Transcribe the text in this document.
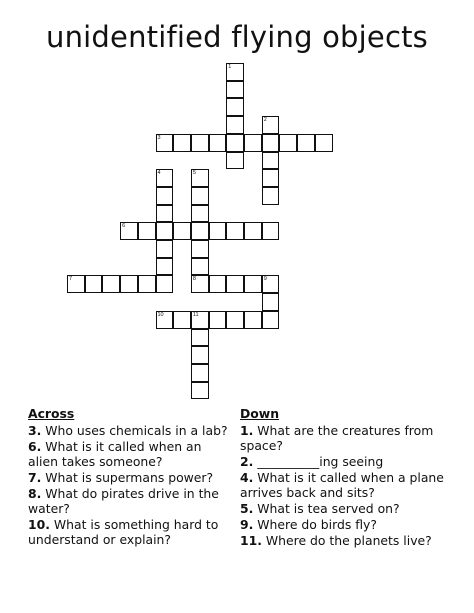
unidentified flying objects
1
2
4	5
8	9
11
3
6
7
10
Across
3. Who uses chemicals in a lab?
6. What is it called when an alien takes someone?
7. What is supermans power?
8. What do pirates drive in the water?
10. What is something hard to understand or explain?
Down
1. What are the creatures from space?
2. __________ing seeing
4. What is it called when a plane arrives back and sits?
5. What is tea served on?
9. Where do birds fly?
11. Where do the planets live?
